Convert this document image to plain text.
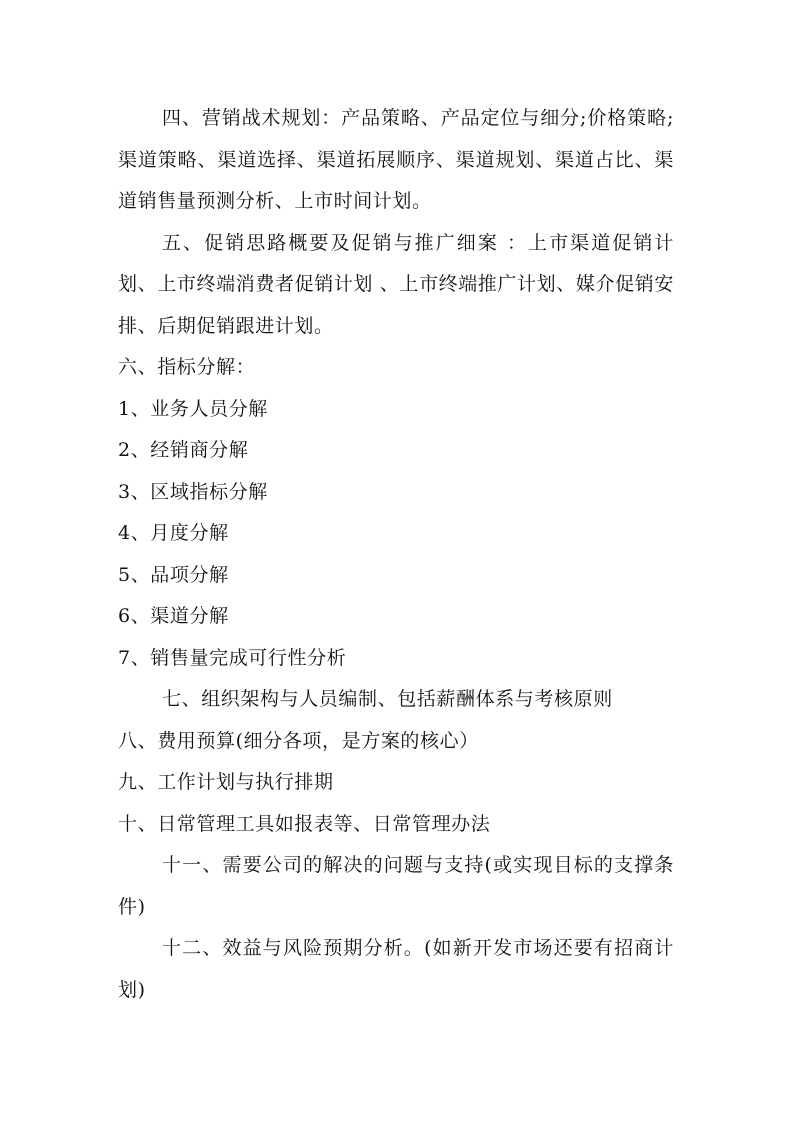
四、营销战术规划：产品策略、产品定位与细分;价格策略;渠道策略、渠道选择、渠道拓展顺序、渠道规划、渠道占比、渠道销售量预测分析、上市时间计划。

五、促销思路概要及促销与推广细案 ：上市渠道促销计划、上市终端消费者促销计划 、上市终端推广计划、媒介促销安排、后期促销跟进计划。

六、指标分解：

1、业务人员分解

2、经销商分解

3、区域指标分解

4、月度分解

5、品项分解

6、渠道分解

7、销售量完成可行性分析

七、组织架构与人员编制、包括薪酬体系与考核原则

八、费用预算(细分各项，是方案的核心）

九、工作计划与执行排期

十、日常管理工具如报表等、日常管理办法

十一、需要公司的解决的问题与支持(或实现目标的支撑条件)

十二、效益与风险预期分析。(如新开发市场还要有招商计划)
